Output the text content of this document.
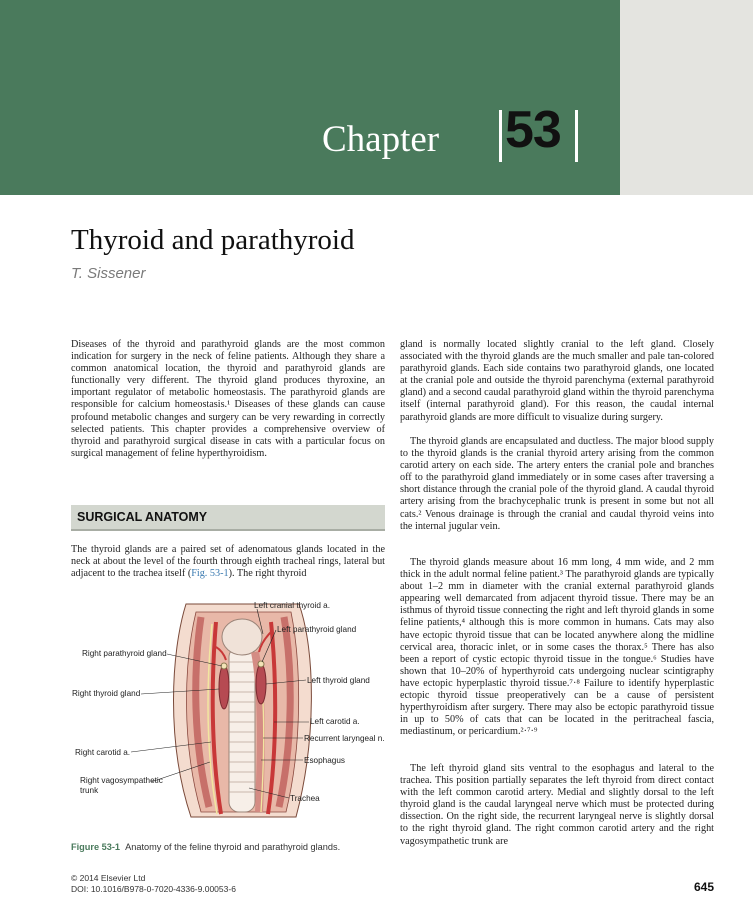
Chapter 53
Thyroid and parathyroid
T. Sissener

Diseases of the thyroid and parathyroid glands are the most common indication for surgery in the neck of feline patients. Although they share a common anatomical location, the thyroid and parathyroid glands are functionally very different. The thyroid gland produces thyroxine, an important regulator of metabolic homeostasis. The parathyroid glands are responsible for calcium homeostasis.¹ Diseases of these glands can cause profound metabolic changes and surgery can be very rewarding in correctly selected patients. This chapter provides a comprehensive overview of thyroid and parathyroid surgical disease in cats with a particular focus on surgical management of feline hyperthyroidism.

SURGICAL ANATOMY

The thyroid glands are a paired set of adenomatous glands located in the neck at about the level of the fourth through eighth tracheal rings, lateral but adjacent to the trachea itself (Fig. 53-1). The right thyroid

gland is normally located slightly cranial to the left gland. Closely associated with the thyroid glands are the much smaller and pale tan-colored parathyroid glands. Each side contains two parathyroid glands, one located at the cranial pole and outside the thyroid parenchyma (external parathyroid gland) and a second caudal parathyroid gland within the thyroid parenchyma itself (internal parathyroid gland). For this reason, the caudal internal parathyroid glands are more difficult to visualize during surgery.

The thyroid glands are encapsulated and ductless. The major blood supply to the thyroid glands is the cranial thyroid artery arising from the common carotid artery on each side. The artery enters the cranial pole and branches off to the parathyroid gland immediately or in some cases after traversing a short distance through the cranial pole of the thyroid gland. A caudal thyroid artery arising from the brachycephalic trunk is present in some but not all cats.² Venous drainage is through the cranial and caudal thyroid veins into the internal jugular vein.

The thyroid glands measure about 16 mm long, 4 mm wide, and 2 mm thick in the adult normal feline patient.³ The parathyroid glands are typically about 1–2 mm in diameter with the cranial external parathyroid glands appearing well demarcated from adjacent thyroid tissue. There may be an isthmus of thyroid tissue connecting the right and left thyroid glands in some feline patients,⁴ although this is more common in humans. Cats may also have ectopic thyroid tissue that can be located anywhere along the midline cervical area, thoracic inlet, or in some cases the thorax.⁵ There has also been a report of cystic ectopic thyroid tissue in the tongue.⁶ Studies have shown that 10–20% of hyperthyroid cats undergoing nuclear scintigraphy have ectopic hyperplastic thyroid tissue.⁷·⁸ Failure to identify hyperplastic ectopic thyroid tissue preoperatively can be a cause of persistent hyperthyroidism after surgery. There may also be ectopic parathyroid tissue in up to 50% of cats that can be located in the peritracheal fascia, mediastinum, or pericardium.²·⁷·⁹

The left thyroid gland sits ventral to the esophagus and lateral to the trachea. This position partially separates the left thyroid from direct contact with the left common carotid artery. Medial and slightly dorsal to the left thyroid gland is the caudal laryngeal nerve which must be protected during dissection. On the right side, the recurrent laryngeal nerve is slightly dorsal to the right thyroid gland. The right common carotid artery and the right vagosympathetic trunk are

Left cranial thyroid a.
Left parathyroid gland
Right parathyroid gland
Left thyroid gland
Right thyroid gland
Left carotid a.
Recurrent laryngeal n.
Right carotid a.
Esophagus
Right vagosympathetic
trunk
Trachea
Figure 53-1 Anatomy of the feline thyroid and parathyroid glands.
© 2014 Elsevier Ltd
DOI: 10.1016/B978-0-7020-4336-9.00053-6	645
